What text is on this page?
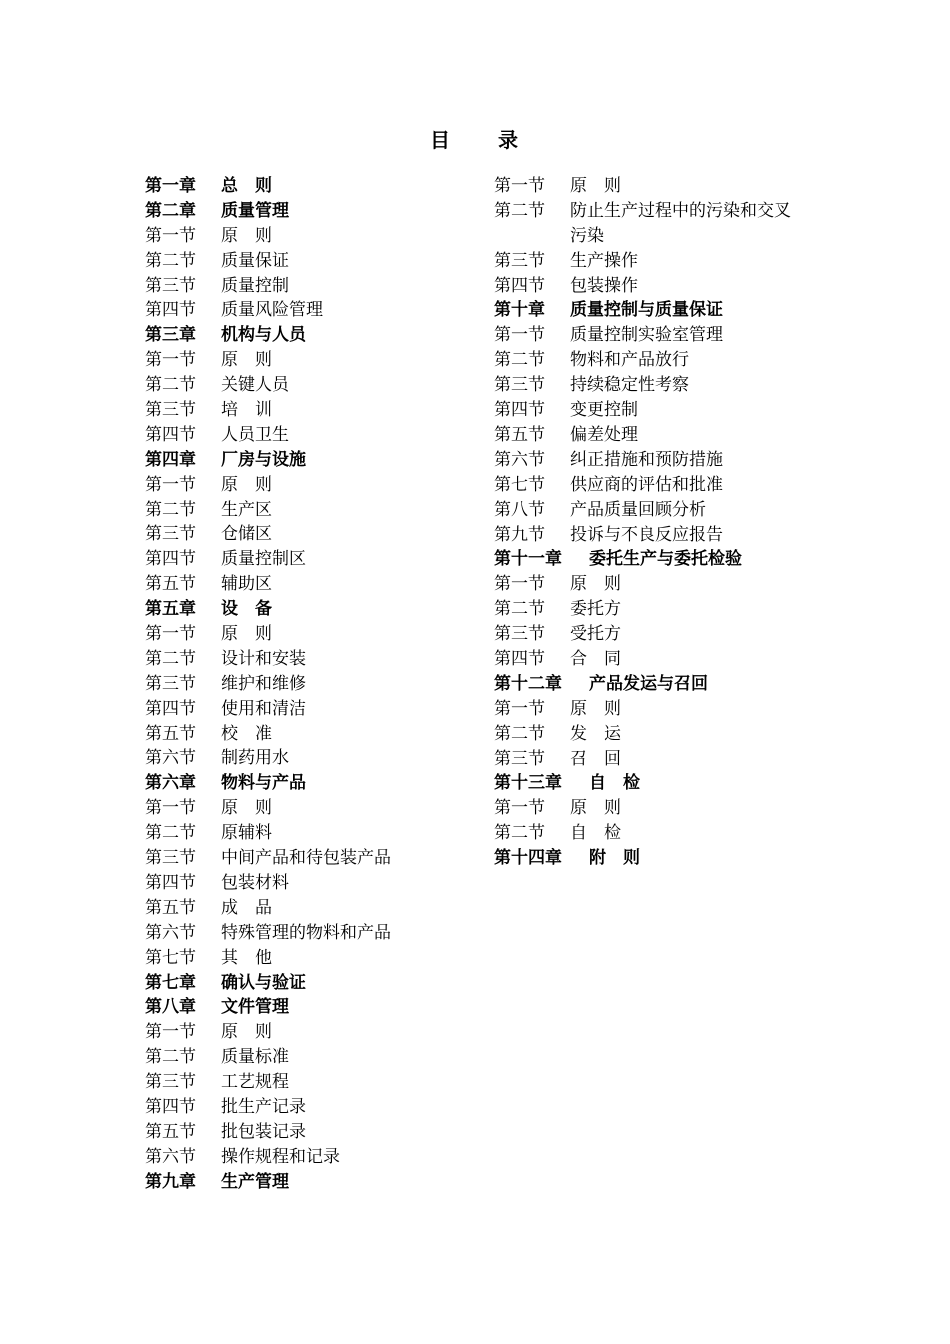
目 录
第一章	总　则
第二章	质量管理
第一节	原　则
第二节	质量保证
第三节	质量控制
第四节	质量风险管理
第三章	机构与人员
第一节	原　则
第二节	关键人员
第三节	培　训
第四节	人员卫生
第四章	厂房与设施
第一节	原　则
第二节	生产区
第三节	仓储区
第四节	质量控制区
第五节	辅助区
第五章	设　备
第一节	原　则
第二节	设计和安装
第三节	维护和维修
第四节	使用和清洁
第五节	校　准
第六节	制药用水
第六章	物料与产品
第一节	原　则
第二节	原辅料
第三节	中间产品和待包装产品
第四节	包装材料
第五节	成　品
第六节	特殊管理的物料和产品
第七节	其　他
第七章	确认与验证
第八章	文件管理
第一节	原　则
第二节	质量标准
第三节	工艺规程
第四节	批生产记录
第五节	批包装记录
第六节	操作规程和记录
第九章	生产管理
第一节	原　则
第二节	防止生产过程中的污染和交叉污染
第三节	生产操作
第四节	包装操作
第十章	质量控制与质量保证
第一节	质量控制实验室管理
第二节	物料和产品放行
第三节	持续稳定性考察
第四节	变更控制
第五节	偏差处理
第六节	纠正措施和预防措施
第七节	供应商的评估和批准
第八节	产品质量回顾分析
第九节	投诉与不良反应报告
第十一章	委托生产与委托检验
第一节	原　则
第二节	委托方
第三节	受托方
第四节	合　同
第十二章	产品发运与召回
第一节	原　则
第二节	发　运
第三节	召　回
第十三章	自　检
第一节	原　则
第二节	自　检
第十四章	附　则
